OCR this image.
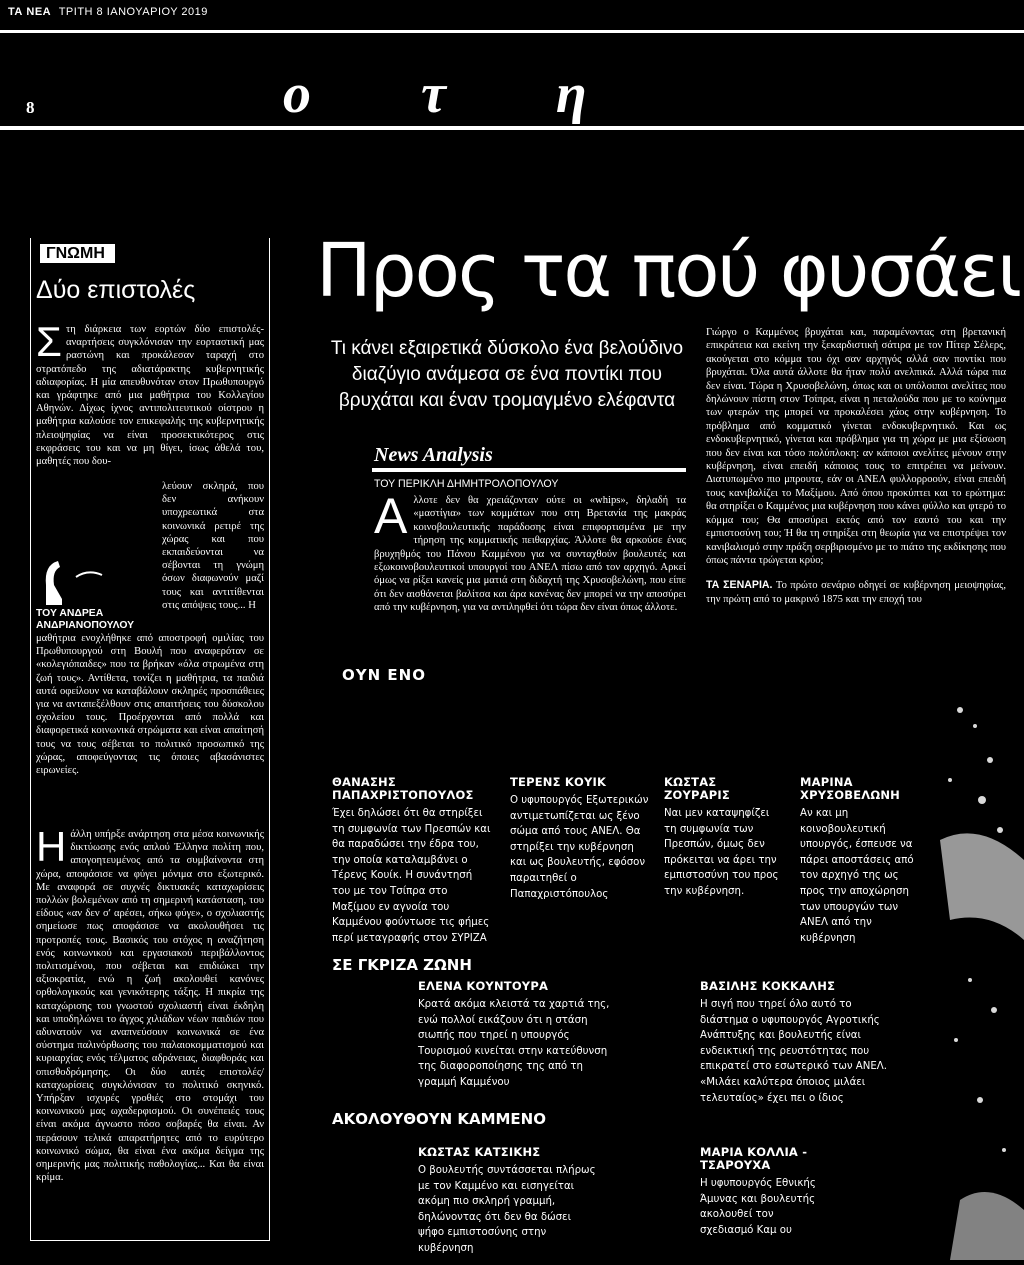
ΤΑ ΝΕΑ ΤΡΙΤΗ 8 ΙΑΝΟΥΑΡΙΟΥ 2019
8	ο τ η
ΓΝΩΜΗ
Δύο επιστολές
Σ τη διάρκεια των εορτών δύο επιστολές-αναρτήσεις συγκλόνισαν την εορταστική μας ραστώνη και προκάλεσαν ταραχή στο στρατόπεδο της αδιατάρακτης κυβερνητικής αδιαφορίας. Η μία απευθυνόταν στον Πρωθυπουργό και γράφτηκε από μια μαθήτρια του Κολλεγίου Αθηνών. Δίχως ίχνος αντιπολιτευτικού οίστρου η μαθήτρια καλούσε τον επικεφαλής της κυβερνητικής πλειοψηφίας να είναι προσεκτικότερος στις εκφράσεις του και να μη θίγει, ίσως άθελά του, μαθητές που δου-
λεύουν σκληρά, που δεν ανήκουν υποχρεωτικά στα κοινωνικά ρετιρέ της χώρας και που εκπαιδεύονται να σέβονται τη γνώμη όσων διαφωνούν μαζί τους και αντιτίθενται στις απόψεις τους... Η
ΤΟΥ ΑΝΔΡΕΑ ΑΝΔΡΙΑΝΟΠΟΥΛΟΥ
μαθήτρια ενοχλήθηκε από αποστροφή ομιλίας του Πρωθυπουργού στη Βουλή που αναφερόταν σε «κολεγιόπαιδες» που τα βρήκαν «όλα στρωμένα στη ζωή τους». Αντίθετα, τονίζει η μαθήτρια, τα παιδιά αυτά οφείλουν να καταβάλουν σκληρές προσπάθειες για να ανταπεξέλθουν στις απαιτήσεις του δύσκολου σχολείου τους. Προέρχονται από πολλά και διαφορετικά κοινωνικά στρώματα και είναι απαίτησή τους να τους σέβεται το πολιτικό προσωπικό της χώρας, αποφεύγοντας τις όποιες αβασάνιστες ειρωνείες.
Η άλλη υπήρξε ανάρτηση στα μέσα κοινωνικής δικτύωσης ενός απλού Έλληνα πολίτη που, απογοητευμένος από τα συμβαίνοντα στη χώρα, αποφάσισε να φύγει μόνιμα στο εξωτερικό. Με αναφορά σε συχνές δικτυακές καταχωρίσεις πολλών βολεμένων από τη σημερινή κατάσταση, του είδους «αν δεν σ' αρέσει, σήκω φύγε», ο σχολιαστής σημείωσε πως αποφάσισε να ακολουθήσει τις προτροπές τους. Βασικός του στόχος η αναζήτηση ενός κοινωνικού και εργασιακού περιβάλλοντος πολιτισμένου, που σέβεται και επιδιώκει την αξιοκρατία, ενώ η ζωή ακολουθεί κανόνες ορθολογικούς και γενικότερης τάξης. Η πικρία της καταχώρισης του γνωστού σχολιαστή είναι έκδηλη και υποδηλώνει το άγχος χιλιάδων νέων παιδιών που αδυνατούν να αναπνεύσουν κοινωνικά σε ένα σύστημα παλινόρθωσης του παλαιοκομματισμού και κυριαρχίας ενός τέλματος αδράνειας, διαφθοράς και οπισθοδρόμησης. Οι δύο αυτές επιστολές/καταχωρίσεις συγκλόνισαν το πολιτικό σκηνικό. Υπήρξαν ισχυρές γροθιές στο στομάχι του κοινωνικού μας ωχαδερφισμού. Οι συνέπειές τους είναι ακόμα άγνωστο πόσο σοβαρές θα είναι. Αν περάσουν τελικά απαρατήρητες από το ευρύτερο κοινωνικό σώμα, θα είναι ένα ακόμα δείγμα της σημερινής μας πολιτικής παθολογίας... Και θα είναι κρίμα.
Προς τα πού φυσάει
Τι κάνει εξαιρετικά δύσκολο ένα βελούδινο διαζύγιο ανάμεσα σε ένα ποντίκι που βρυχάται και έναν τρομαγμένο ελέφαντα
News Analysis
ΤΟΥ ΠΕΡΙΚΛΗ ΔΗΜΗΤΡΟΛΟΠΟΥΛΟΥ
Α λλοτε δεν θα χρειάζονταν ούτε οι «whips», δηλαδή τα «μαστίγια» των κομμάτων που στη Βρετανία της μακράς κοινοβουλευτικής παράδοσης είναι επιφορτισμένα με την τήρηση της κομματικής πειθαρχίας. Άλλοτε θα αρκούσε ένας βρυχηθμός του Πάνου Καμμένου για να συνταχθούν βουλευτές και εξωκοινοβουλευτικοί υπουργοί του ΑΝΕΛ πίσω από τον αρχηγό. Αρκεί όμως να ρίξει κανείς μια ματιά στη διδαχτή της Χρυσοβελώνη, που είπε ότι δεν αισθάνεται βαλίτσα και άρα κανένας δεν μπορεί να την αποσύρει από την κυβέρνηση, για να αντιληφθεί ότι τώρα δεν είναι όπως άλλοτε.
Γιώργο ο Καμμένος βρυχάται και, παραμένοντας στη βρετανική επικράτεια και εκείνη την ξεκαρδιστική σάτιρα με τον Πίτερ Σέλερς, ακούγεται στο κόμμα του όχι σαν αρχηγός αλλά σαν ποντίκι που βρυχάται. Όλα αυτά άλλοτε θα ήταν πολύ ανελπικά. Αλλά τώρα πια δεν είναι. Τώρα η Χρυσοβελώνη, όπως και οι υπόλοιποι ανελίτες που δηλώνουν πίστη στον Τσίπρα, είναι η πεταλούδα που με το κούνημα των φτερών της μπορεί να προκαλέσει χάος στην κυβέρνηση. Το πρόβλημα από κομματικό γίνεται ενδοκυβερνητικό. Και ως ενδοκυβερνητικό, γίνεται και πρόβλημα για τη χώρα με μια εξίσωση που δεν είναι και τόσο πολύπλοκη: αν κάποιοι ανελίτες μένουν στην κυβέρνηση, είναι επειδή κάποιος τους το επιτρέπει να μείνουν. Διατυπωμένο πιο μπρουτα, εάν οι ΑΝΕΛ φυλλορροούν, είναι επειδή τους κανιβαλίζει το Μαξίμου. Από όπου προκύπτει και το ερώτημα: θα στηρίξει ο Καμμένος μια κυβέρνηση που κάνει φύλλο και φτερό το κόμμα του; Θα αποσύρει εκτός από τον εαυτό του και την εμπιστοσύνη του; Ή θα τη στηρίξει στη θεωρία για να επιστρέψει τον κανιβαλισμό στην πράξη σερβιρισμένο με το πιάτο της εκδίκησης που όπως πάντα τρώγεται κρύο;
ΤΑ ΣΕΝΑΡΙΑ. Το πρώτο σενάριο οδηγεί σε κυβέρνηση μειοψηφίας, την πρώτη από το μακρινό 1875 και την εποχή του
ΟΥΝ ΕΝΟ
ΘΑΝΑΣΗΣ ΠΑΠΑΧΡΙΣΤΟΠΟΥΛΟΣ
Έχει δηλώσει ότι θα στηρίξει τη συμφωνία των Πρεσπών και θα παραδώσει την έδρα του, την οποία καταλαμβάνει ο Τέρενς Κουίκ. Η συνάντησή του με τον Τσίπρα στο Μαξίμου εν αγνοία του Καμμένου φούντωσε τις φήμες περί μεταγραφής στον ΣΥΡΙΖΑ
ΤΕΡΕΝΣ ΚΟΥΙΚ
Ο υφυπουργός Εξωτερικών αντιμετωπίζεται ως ξένο σώμα από τους ΑΝΕΛ. Θα στηρίξει την κυβέρνηση και ως βουλευτής, εφόσον παραιτηθεί ο Παπαχριστόπουλος
ΚΩΣΤΑΣ ΖΟΥΡΑΡΙΣ
Ναι μεν καταψηφίζει τη συμφωνία των Πρεσπών, όμως δεν πρόκειται να άρει την εμπιστοσύνη του προς την κυβέρνηση.
ΜΑΡΙΝΑ ΧΡΥΣΟΒΕΛΩΝΗ
Αν και μη κοινοβουλευτική υπουργός, έσπευσε να πάρει αποστάσεις από τον αρχηγό της ως προς την αποχώρηση των υπουργών των ΑΝΕΛ από την κυβέρνηση
ΣΕ ΓΚΡΙΖΑ ΖΩΝΗ
ΕΛΕΝΑ ΚΟΥΝΤΟΥΡΑ
Κρατά ακόμα κλειστά τα χαρτιά της, ενώ πολλοί εικάζουν ότι η στάση σιωπής που τηρεί η υπουργός Τουρισμού κινείται στην κατεύθυνση της διαφοροποίησης της από τη γραμμή Καμμένου
ΒΑΣΙΛΗΣ ΚΟΚΚΑΛΗΣ
Η σιγή που τηρεί όλο αυτό το διάστημα ο υφυπουργός Αγροτικής Ανάπτυξης και βουλευτής είναι ενδεικτική της ρευστότητας που επικρατεί στο εσωτερικό των ΑΝΕΛ. «Μιλάει καλύτερα όποιος μιλάει τελευταίος» έχει πει ο ίδιος
ΑΚΟΛΟΥΘΟΥΝ ΚΑΜΜΕΝΟ
ΚΩΣΤΑΣ ΚΑΤΣΙΚΗΣ
Ο βουλευτής συντάσσεται πλήρως με τον Καμμένο και εισηγείται ακόμη πιο σκληρή γραμμή, δηλώνοντας ότι δεν θα δώσει ψήφο εμπιστοσύνης στην κυβέρνηση
ΜΑΡΙΑ ΚΟΛΛΙΑ - ΤΣΑΡΟΥΧΑ
Η υφυπουργός Εθνικής Άμυνας και βουλευτής ακολουθεί τον σχεδιασμό Καμ ου
